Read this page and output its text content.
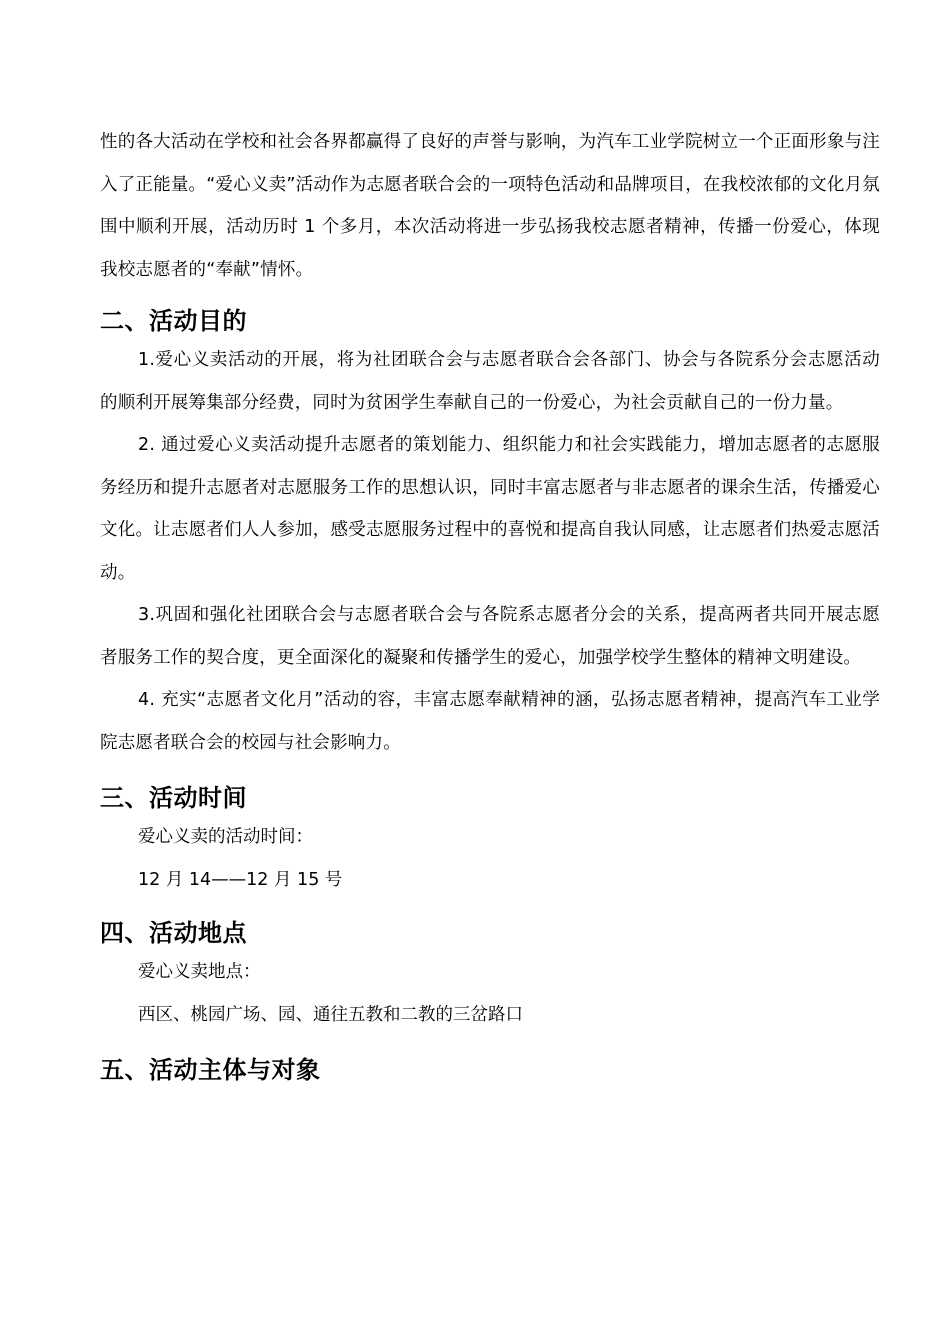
性的各大活动在学校和社会各界都赢得了良好的声誉与影响，为汽车工业学院树立一个正面形象与注入了正能量。“爱心义卖”活动作为志愿者联合会的一项特色活动和品牌项目，在我校浓郁的文化月氛围中顺利开展，活动历时 1 个多月，本次活动将进一步弘扬我校志愿者精神，传播一份爱心，体现我校志愿者的“奉献”情怀。

二、活动目的

1.爱心义卖活动的开展，将为社团联合会与志愿者联合会各部门、协会与各院系分会志愿活动的顺利开展筹集部分经费，同时为贫困学生奉献自己的一份爱心，为社会贡献自己的一份力量。

2. 通过爱心义卖活动提升志愿者的策划能力、组织能力和社会实践能力，增加志愿者的志愿服务经历和提升志愿者对志愿服务工作的思想认识，同时丰富志愿者与非志愿者的课余生活，传播爱心文化。让志愿者们人人参加，感受志愿服务过程中的喜悦和提高自我认同感，让志愿者们热爱志愿活动。

3.巩固和强化社团联合会与志愿者联合会与各院系志愿者分会的关系，提高两者共同开展志愿者服务工作的契合度，更全面深化的凝聚和传播学生的爱心，加强学校学生整体的精神文明建设。

4. 充实“志愿者文化月”活动的容，丰富志愿奉献精神的涵，弘扬志愿者精神，提高汽车工业学院志愿者联合会的校园与社会影响力。

三、活动时间

爱心义卖的活动时间：

12 月 14——12 月 15 号

四、活动地点

爱心义卖地点：

西区、桃园广场、园、通往五教和二教的三岔路口

五、活动主体与对象
